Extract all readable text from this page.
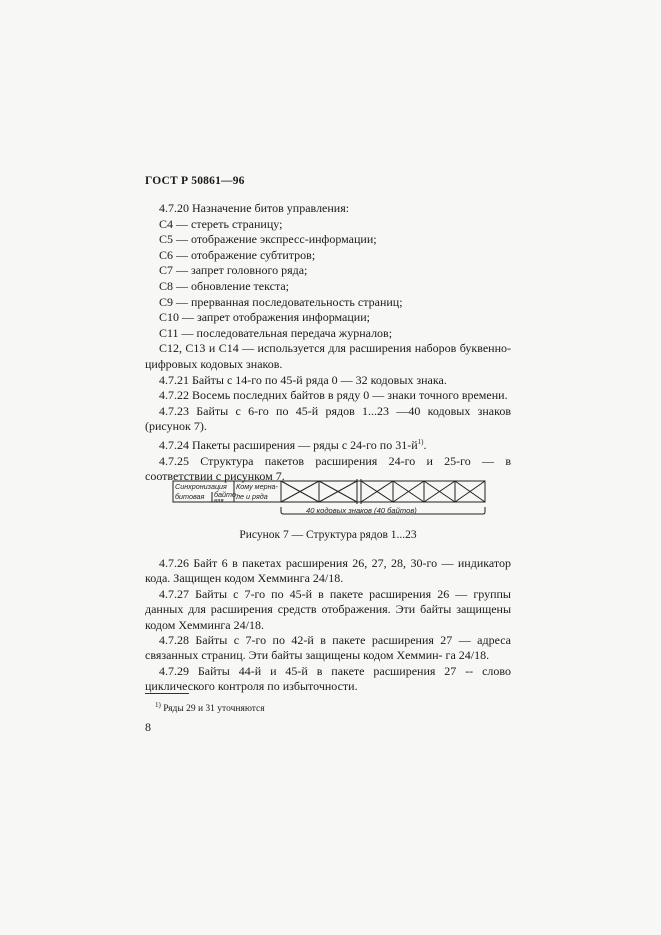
ГОСТ Р 50861—96

4.7.20 Назначение битов управления:

C4 — стереть страницу;

C5 — отображение экспресс-информации;

C6 — отображение субтитров;

C7 — запрет головного ряда;

C8 — обновление текста;

C9 — прерванная последовательность страниц;

C10 — запрет отображения информации;

C11 — последовательная передача журналов;

C12, C13 и C14 — используется для расширения наборов буквенно-цифровых кодовых знаков.

4.7.21 Байты с 14-го по 45-й ряда 0 — 32 кодовых знака.

4.7.22 Восемь последних байтов в ряду 0 — знаки точного времени.

4.7.23 Байты с 6-го по 45-й рядов 1...23 —40 кодовых знаков (рисунок 7).

4.7.24 Пакеты расширения — ряды с 24-го по $31-й^{1)}$.

4.7.25 Структура пакетов расширения 24-го и 25-го — в соответствии с рисунком 7.

Синхронизация
битовая байто-
вая
Кому мерна-
ле и ряда
40 кодовых знаков (40 байтов)
Рисунок 7 — Структура рядов 1...23

4.7.26 Байт 6 в пакетах расширения 26, 27, 28, 30-го — индикатор кода. Защищен кодом Хемминга 24/18.

4.7.27 Байты с 7-го по 45-й в пакете расширения 26 — группы данных для расширения средств отображения. Эти байты защищены кодом Хемминга 24/18.

4.7.28 Байты с 7-го по 42-й в пакете расширения 27 — адреса связанных страниц. Эти байты защищены кодом Хеммин- га 24/18.

4.7.29 Байты 44-й и 45-й в пакете расширения 27 -- слово циклического контроля по избыточности.

$^{1)}$ Ряды 29 и 31 уточняются
8
